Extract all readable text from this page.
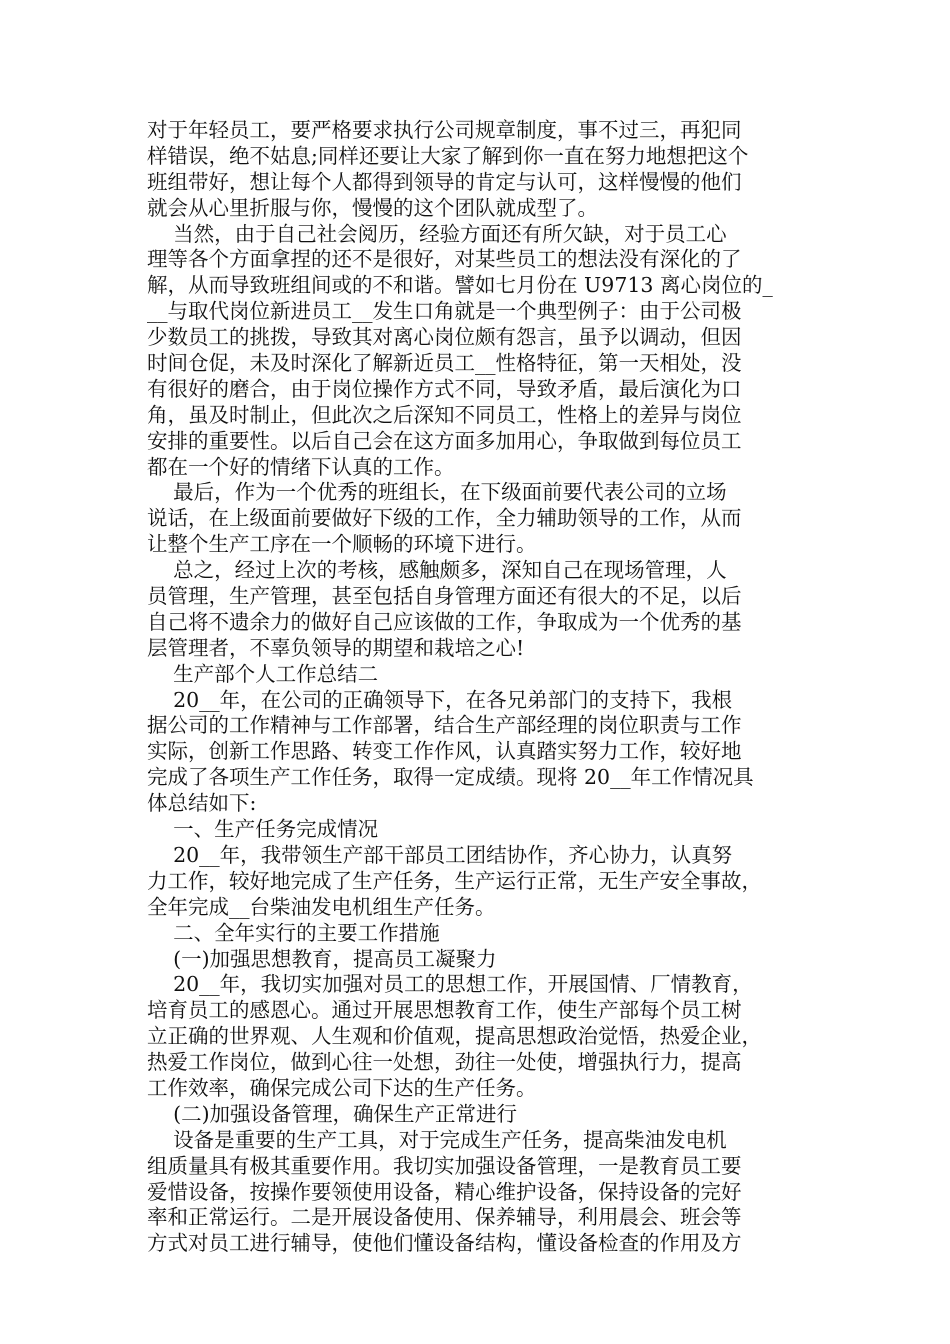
对于年轻员工，要严格要求执行公司规章制度，事不过三，再犯同
样错误，绝不姑息;同样还要让大家了解到你一直在努力地想把这个
班组带好，想让每个人都得到领导的肯定与认可，这样慢慢的他们
就会从心里折服与你，慢慢的这个团队就成型了。
当然，由于自己社会阅历，经验方面还有所欠缺，对于员工心
理等各个方面拿捏的还不是很好，对某些员工的想法没有深化的了
解，从而导致班组间或的不和谐。譬如七月份在 U9713 离心岗位的_
__与取代岗位新进员工__发生口角就是一个典型例子：由于公司极
少数员工的挑拨，导致其对离心岗位颇有怨言，虽予以调动，但因
时间仓促，未及时深化了解新近员工__性格特征，第一天相处，没
有很好的磨合，由于岗位操作方式不同，导致矛盾，最后演化为口
角，虽及时制止，但此次之后深知不同员工，性格上的差异与岗位
安排的重要性。以后自己会在这方面多加用心，争取做到每位员工
都在一个好的情绪下认真的工作。
最后，作为一个优秀的班组长，在下级面前要代表公司的立场
说话，在上级面前要做好下级的工作，全力辅助领导的工作，从而
让整个生产工序在一个顺畅的环境下进行。
总之，经过上次的考核，感触颇多，深知自己在现场管理，人
员管理，生产管理，甚至包括自身管理方面还有很大的不足，以后
自己将不遗余力的做好自己应该做的工作，争取成为一个优秀的基
层管理者，不辜负领导的期望和栽培之心!
生产部个人工作总结二
20__年，在公司的正确领导下，在各兄弟部门的支持下，我根
据公司的工作精神与工作部署，结合生产部经理的岗位职责与工作
实际，创新工作思路、转变工作作风，认真踏实努力工作，较好地
完成了各项生产工作任务，取得一定成绩。现将 20__年工作情况具
体总结如下:
一、生产任务完成情况
20__年，我带领生产部干部员工团结协作，齐心协力，认真努
力工作，较好地完成了生产任务，生产运行正常，无生产安全事故，
全年完成__台柴油发电机组生产任务。
二、全年实行的主要工作措施
(一)加强思想教育，提高员工凝聚力
20__年，我切实加强对员工的思想工作，开展国情、厂情教育，
培育员工的感恩心。通过开展思想教育工作，使生产部每个员工树
立正确的世界观、人生观和价值观，提高思想政治觉悟，热爱企业，
热爱工作岗位，做到心往一处想，劲往一处使，增强执行力，提高
工作效率，确保完成公司下达的生产任务。
(二)加强设备管理，确保生产正常进行
设备是重要的生产工具，对于完成生产任务，提高柴油发电机
组质量具有极其重要作用。我切实加强设备管理，一是教育员工要
爱惜设备，按操作要领使用设备，精心维护设备，保持设备的完好
率和正常运行。二是开展设备使用、保养辅导，利用晨会、班会等
方式对员工进行辅导，使他们懂设备结构，懂设备检查的作用及方
